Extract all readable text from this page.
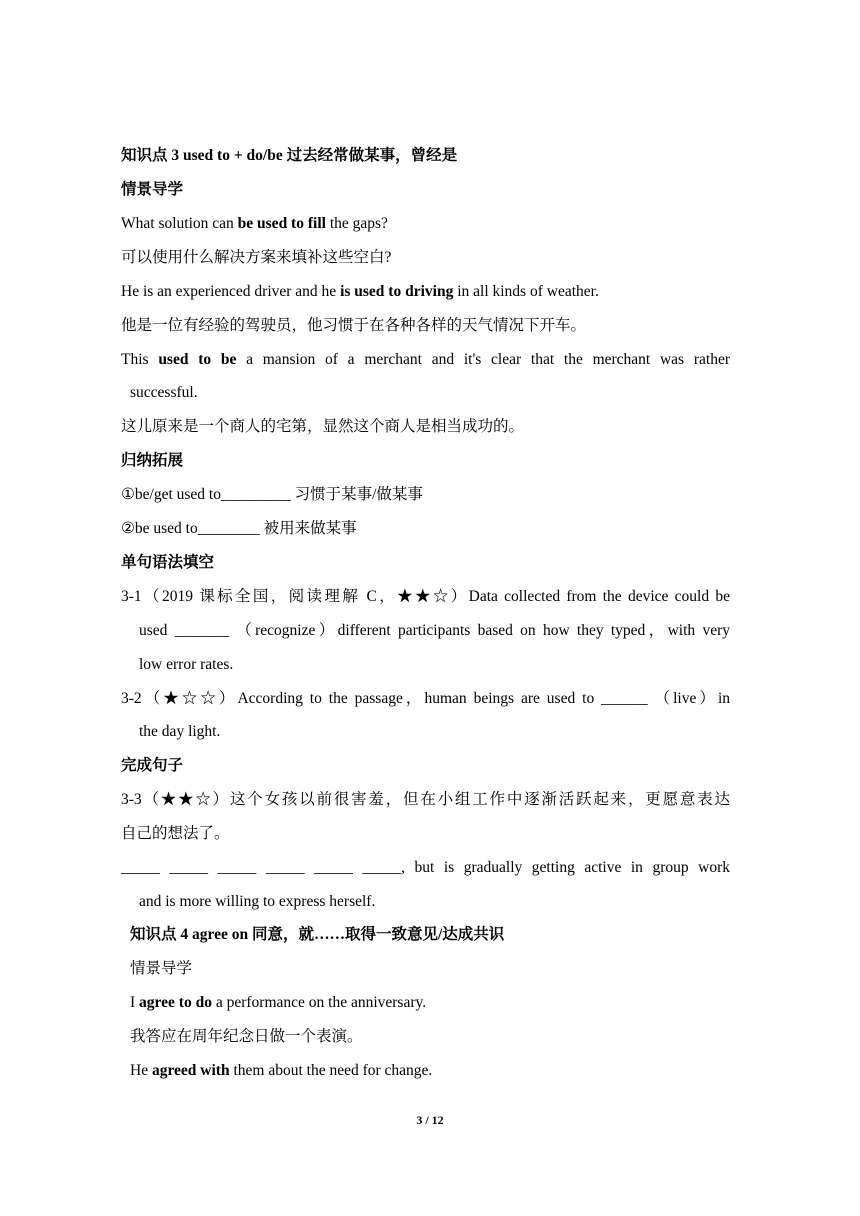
知识点 3 used to + do/be 过去经常做某事，曾经是
情景导学
What solution can be used to fill the gaps?
可以使用什么解决方案来填补这些空白?
He is an experienced driver and he is used to driving in all kinds of weather.
他是一位有经验的驾驶员，他习惯于在各种各样的天气情况下开车。
This used to be a mansion of a merchant and it's clear that the merchant was rather
successful.
这儿原来是一个商人的宅第，显然这个商人是相当成功的。
归纳拓展
①be/get used to_________ 习惯于某事/做某事
②be used to________ 被用来做某事
单句语法填空
3-1（2019 课标全国，阅读理解 C，★★☆）Data collected from the device could be
used _______ （recognize）different participants based on how they typed，with very
low error rates.
3-2（★☆☆）According to the passage，human beings are used to ______ （live）in
the day light.
完成句子
3-3（★★☆）这个女孩以前很害羞，但在小组工作中逐渐活跃起来，更愿意表达
自己的想法了。
_____ _____ _____ _____ _____ _____, but is gradually getting active in group work
and is more willing to express herself.
知识点 4 agree on 同意，就……取得一致意见/达成共识
情景导学
I agree to do a performance on the anniversary.
我答应在周年纪念日做一个表演。
He agreed with them about the need for change.
3 / 12
